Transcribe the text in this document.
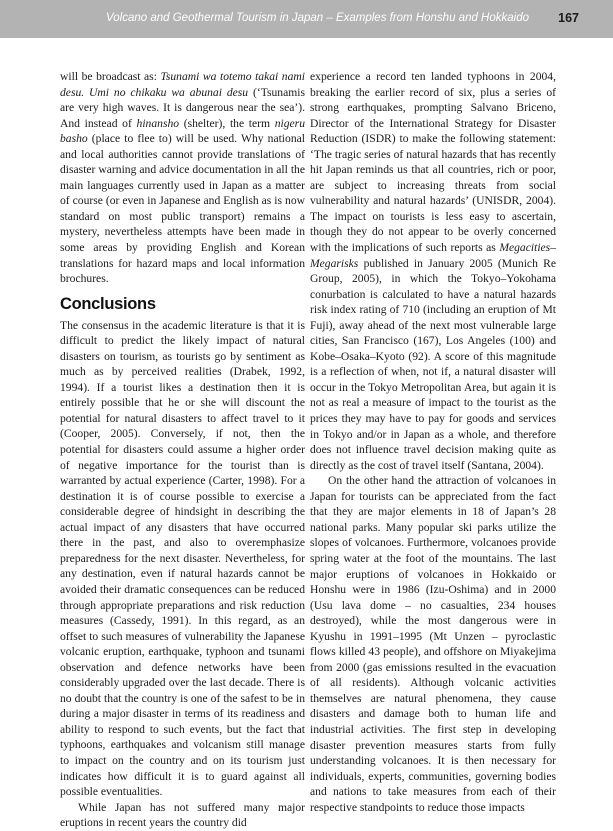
Volcano and Geothermal Tourism in Japan – Examples from Honshu and Hokkaido 167

will be broadcast as: Tsunami wa totemo takai nami desu. Umi no chikaku wa abunai desu (‘Tsunamis are very high waves. It is dangerous near the sea’). And instead of hinansho (shelter), the term nigeru basho (place to flee to) will be used. Why national and local authorities cannot provide translations of disaster warning and advice documentation in all the main languages currently used in Japan as a matter of course (or even in Japanese and English as is now standard on most public transport) remains a mystery, nevertheless attempts have been made in some areas by providing English and Korean translations for hazard maps and local information brochures.

Conclusions

The consensus in the academic literature is that it is difficult to predict the likely impact of natural disasters on tourism, as tourists go by sentiment as much as by perceived realities (Drabek, 1992, 1994). If a tourist likes a destination then it is entirely possible that he or she will discount the potential for natural disasters to affect travel to it (Cooper, 2005). Conversely, if not, then the potential for disasters could assume a higher order of negative importance for the tourist than is warranted by actual experience (Carter, 1998). For a destination it is of course possible to exercise a considerable degree of hindsight in describing the actual impact of any disasters that have occurred there in the past, and also to overemphasize preparedness for the next disaster. Nevertheless, for any destination, even if natural hazards cannot be avoided their dramatic consequences can be reduced through appropriate preparations and risk reduction measures (Cassedy, 1991). In this regard, as an offset to such measures of vulnerability the Japanese volcanic eruption, earthquake, typhoon and tsunami observation and defence networks have been considerably upgraded over the last decade. There is no doubt that the country is one of the safest to be in during a major disaster in terms of its readiness and ability to respond to such events, but the fact that typhoons, earthquakes and volcanism still manage to impact on the country and on its tourism just indicates how difficult it is to guard against all possible eventualities.

While Japan has not suffered many major eruptions in recent years the country did

experience a record ten landed typhoons in 2004, breaking the earlier record of six, plus a series of strong earthquakes, prompting Salvano Briceno, Director of the International Strategy for Disaster Reduction (ISDR) to make the following statement: ‘The tragic series of natural hazards that has recently hit Japan reminds us that all countries, rich or poor, are subject to increasing threats from social vulnerability and natural hazards’ (UNISDR, 2004). The impact on tourists is less easy to ascertain, though they do not appear to be overly concerned with the implications of such reports as Megacities–Megarisks published in January 2005 (Munich Re Group, 2005), in which the Tokyo–Yokohama conurbation is calculated to have a natural hazards risk index rating of 710 (including an eruption of Mt Fuji), away ahead of the next most vulnerable large cities, San Francisco (167), Los Angeles (100) and Kobe–Osaka–Kyoto (92). A score of this magnitude is a reflection of when, not if, a natural disaster will occur in the Tokyo Metropolitan Area, but again it is not as real a measure of impact to the tourist as the prices they may have to pay for goods and services in Tokyo and/or in Japan as a whole, and therefore does not influence travel decision making quite as directly as the cost of travel itself (Santana, 2004).

On the other hand the attraction of volcanoes in Japan for tourists can be appreciated from the fact that they are major elements in 18 of Japan’s 28 national parks. Many popular ski parks utilize the slopes of volcanoes. Furthermore, volcanoes provide spring water at the foot of the mountains. The last major eruptions of volcanoes in Hokkaido or Honshu were in 1986 (Izu-Oshima) and in 2000 (Usu lava dome – no casualties, 234 houses destroyed), while the most dangerous were in Kyushu in 1991–1995 (Mt Unzen – pyroclastic flows killed 43 people), and offshore on Miyakejima from 2000 (gas emissions resulted in the evacuation of all residents). Although volcanic activities themselves are natural phenomena, they cause disasters and damage both to human life and industrial activities. The first step in developing disaster prevention measures starts from fully understanding volcanoes. It is then necessary for individuals, experts, communities, governing bodies and nations to take measures from each of their respective standpoints to reduce those impacts
